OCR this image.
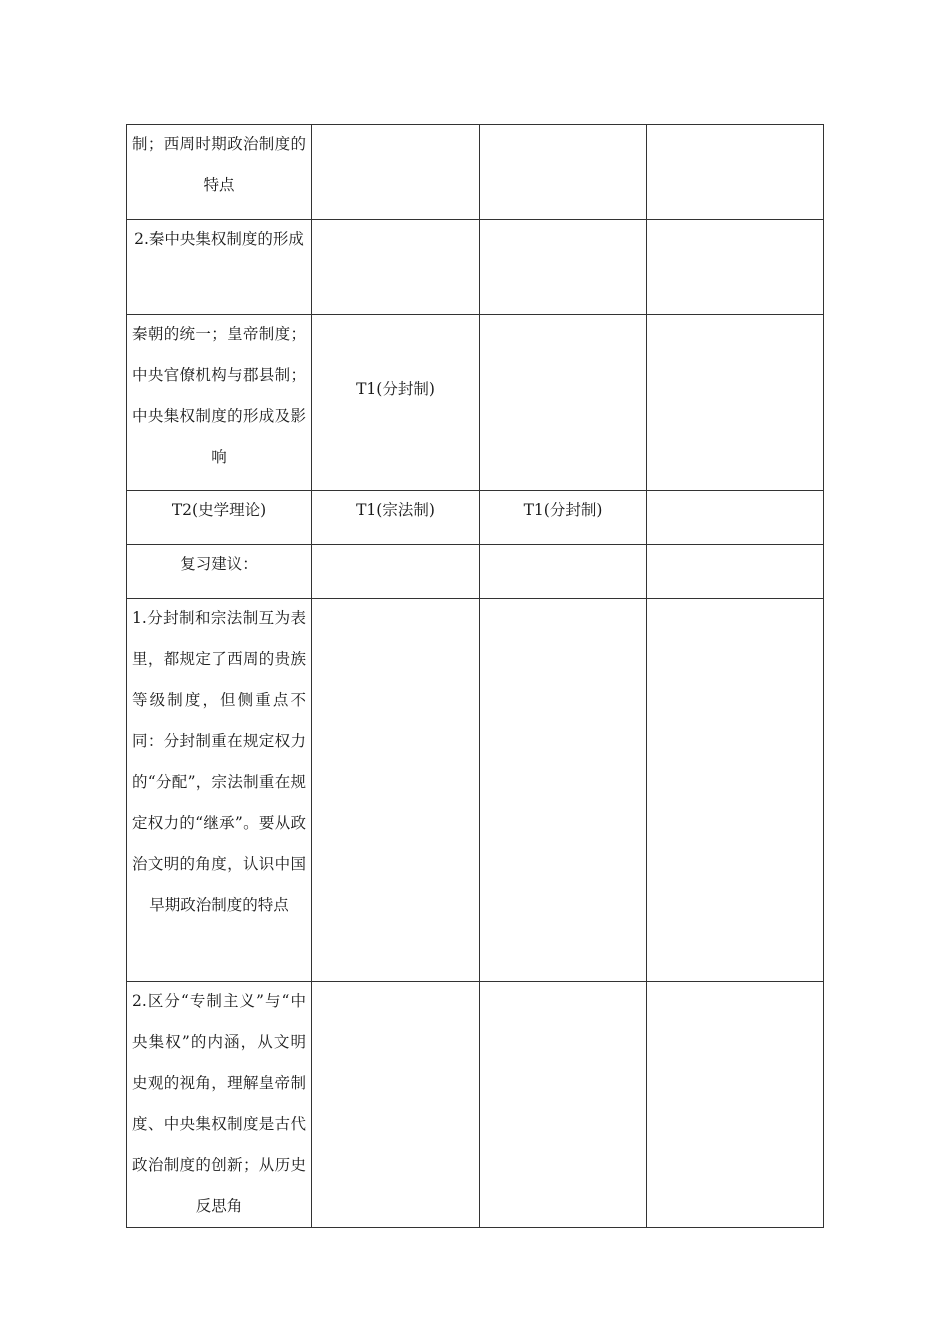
制；西周时期政治制度的特点			

2.秦中央集权制度的形成			

秦朝的统一；皇帝制度；中央官僚机构与郡县制；中央集权制度的形成及影响	T1(分封制)		

T2(史学理论)	T1(宗法制)	T1(分封制)	

复习建议：			

1.分封制和宗法制互为表里，都规定了西周的贵族等级制度，但侧重点不同：分封制重在规定权力的“分配”，宗法制重在规定权力的“继承”。要从政治文明的角度，认识中国早期政治制度的特点			

2.区分“专制主义”与“中央集权”的内涵，从文明史观的视角，理解皇帝制度、中央集权制度是古代政治制度的创新；从历史反思角			
